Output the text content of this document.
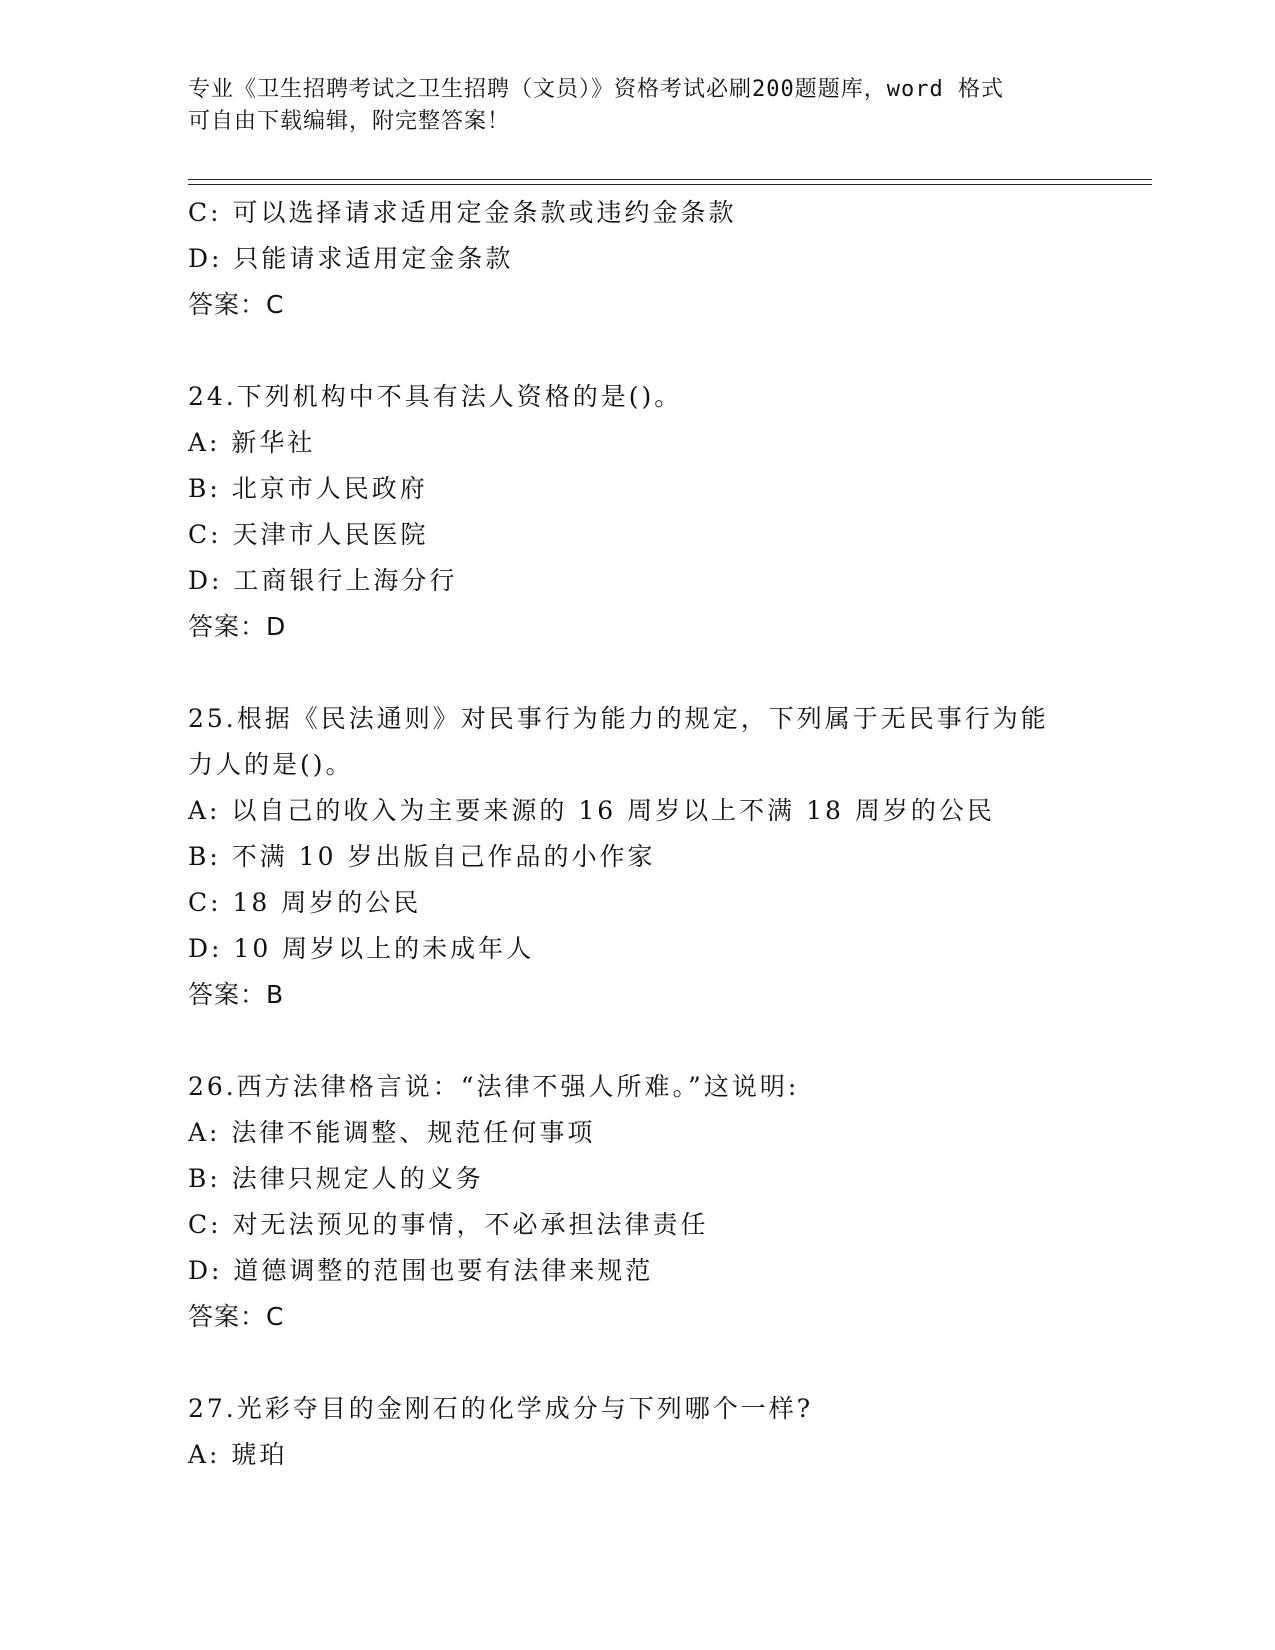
专业《卫生招聘考试之卫生招聘（文员）》资格考试必刷200题题库，word 格式
可自由下载编辑，附完整答案！
C: 可以选择请求适用定金条款或违约金条款
D: 只能请求适用定金条款
答案：C
24.下列机构中不具有法人资格的是()。
A: 新华社
B: 北京市人民政府
C: 天津市人民医院
D: 工商银行上海分行
答案：D
25.根据《民法通则》对民事行为能力的规定，下列属于无民事行为能
力人的是()。
A: 以自己的收入为主要来源的 16 周岁以上不满 18 周岁的公民
B: 不满 10 岁出版自己作品的小作家
C: 18 周岁的公民
D: 10 周岁以上的未成年人
答案：B
26.西方法律格言说：“法律不强人所难。”这说明:
A: 法律不能调整、规范任何事项
B: 法律只规定人的义务
C: 对无法预见的事情，不必承担法律责任
D: 道德调整的范围也要有法律来规范
答案：C
27.光彩夺目的金刚石的化学成分与下列哪个一样?
A: 琥珀
